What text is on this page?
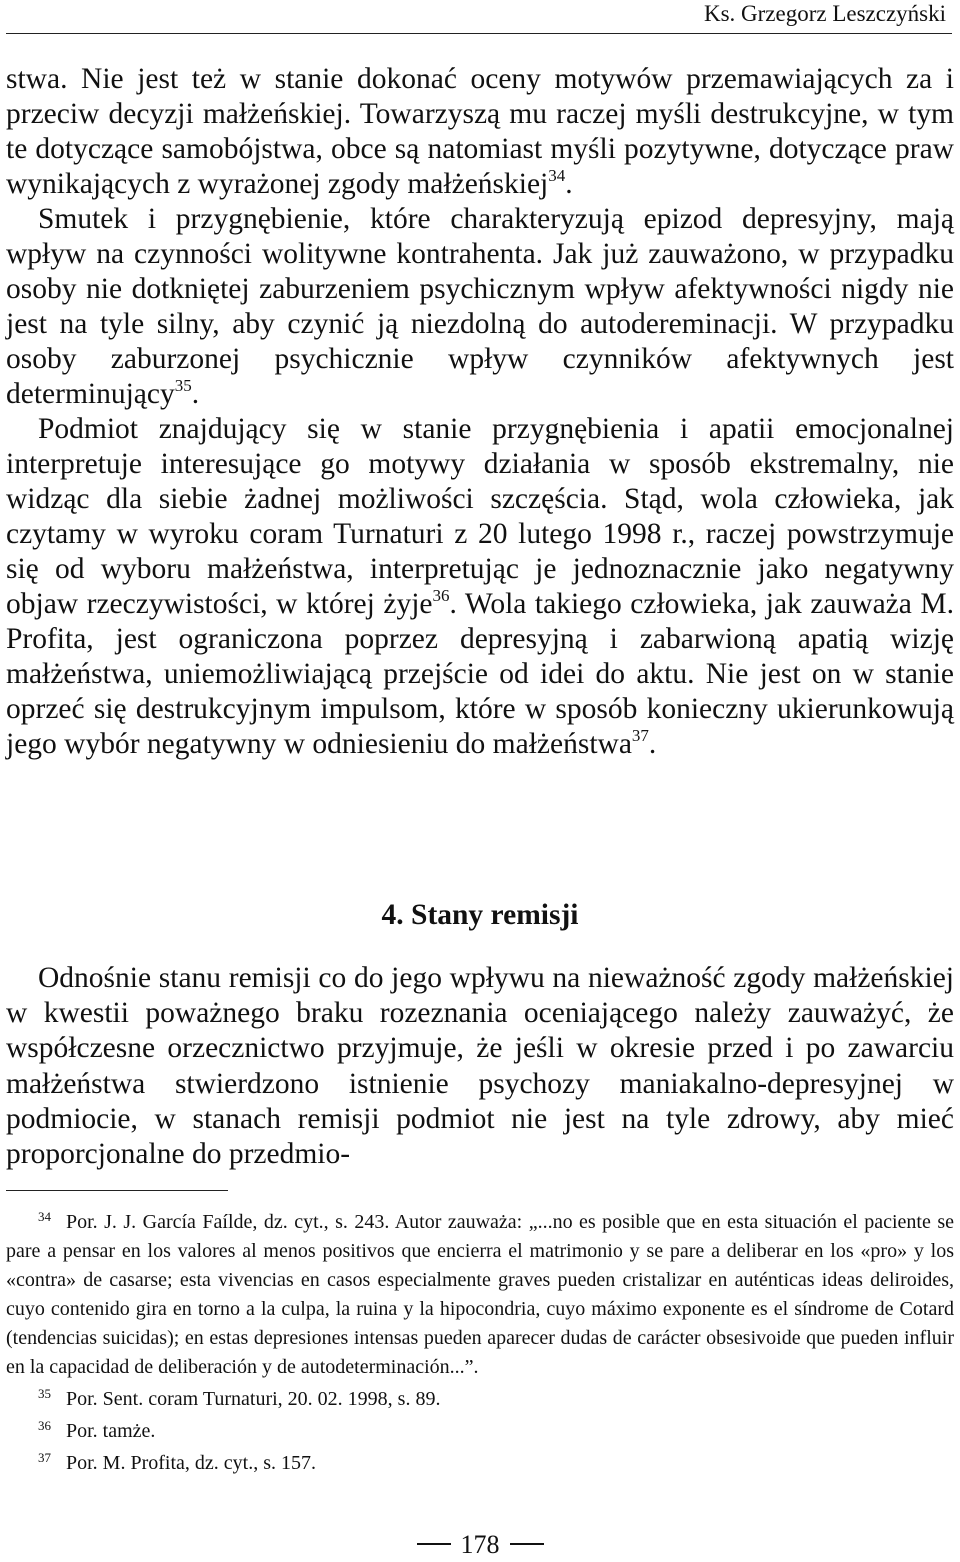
Ks. Grzegorz Leszczyński

stwa. Nie jest też w stanie dokonać oceny motywów przemawiających za i przeciw decyzji małżeńskiej. Towarzyszą mu raczej myśli destrukcyjne, w tym te dotyczące samobójstwa, obce są natomiast myśli pozytywne, dotyczące praw wynikających z wyrażonej zgody małżeńskiej$^{34}$.

Smutek i przygnębienie, które charakteryzują epizod depresyjny, mają wpływ na czynności wolitywne kontrahenta. Jak już zauważono, w przypadku osoby nie dotkniętej zaburzeniem psychicznym wpływ afektywności nigdy nie jest na tyle silny, aby czynić ją niezdolną do autodereminacji. W przypadku osoby zaburzonej psychicznie wpływ czynników afektywnych jest determinujący$^{35}$.

Podmiot znajdujący się w stanie przygnębienia i apatii emocjonalnej interpretuje interesujące go motywy działania w sposób ekstremalny, nie widząc dla siebie żadnej możliwości szczęścia. Stąd, wola człowieka, jak czytamy w wyroku coram Turnaturi z 20 lutego 1998 r., raczej powstrzymuje się od wyboru małżeństwa, interpretując je jednoznacznie jako negatywny objaw rzeczywistości, w której żyje$^{36}$. Wola takiego człowieka, jak zauważa M. Profita, jest ograniczona poprzez depresyjną i zabarwioną apatią wizję małżeństwa, uniemożliwiającą przejście od idei do aktu. Nie jest on w stanie oprzeć się destrukcyjnym impulsom, które w sposób konieczny ukierunkowują jego wybór negatywny w odniesieniu do małżeństwa$^{37}$.

4. Stany remisji

Odnośnie stanu remisji co do jego wpływu na nieważność zgody małżeńskiej w kwestii poważnego braku rozeznania oceniającego należy zauważyć, że współczesne orzecznictwo przyjmuje, że jeśli w okresie przed i po zawarciu małżeństwa stwierdzono istnienie psychozy maniakalno-depresyjnej w podmiocie, w stanach remisji podmiot nie jest na tyle zdrowy, aby mieć proporcjonalne do przedmio-

34 Por. J. J. García Faílde, dz. cyt., s. 243. Autor zauważa: „...no es posible que en esta situación el paciente se pare a pensar en los valores al menos positivos que encierra el matrimonio y se pare a deliberar en los «pro» y los «contra» de casarse; esta vivencias en casos especialmente graves pueden cristalizar en auténticas ideas deliroides, cuyo contenido gira en torno a la culpa, la ruina y la hipocondria, cuyo máximo exponente es el síndrome de Cotard (tendencias suicidas); en estas depresiones intensas pueden aparecer dudas de carácter obsesivoide que pueden influir en la capacidad de deliberación y de autodeterminación...”.

35 Por. Sent. coram Turnaturi, 20. 02. 1998, s. 89.

36 Por. tamże.

37 Por. M. Profita, dz. cyt., s. 157.

178
